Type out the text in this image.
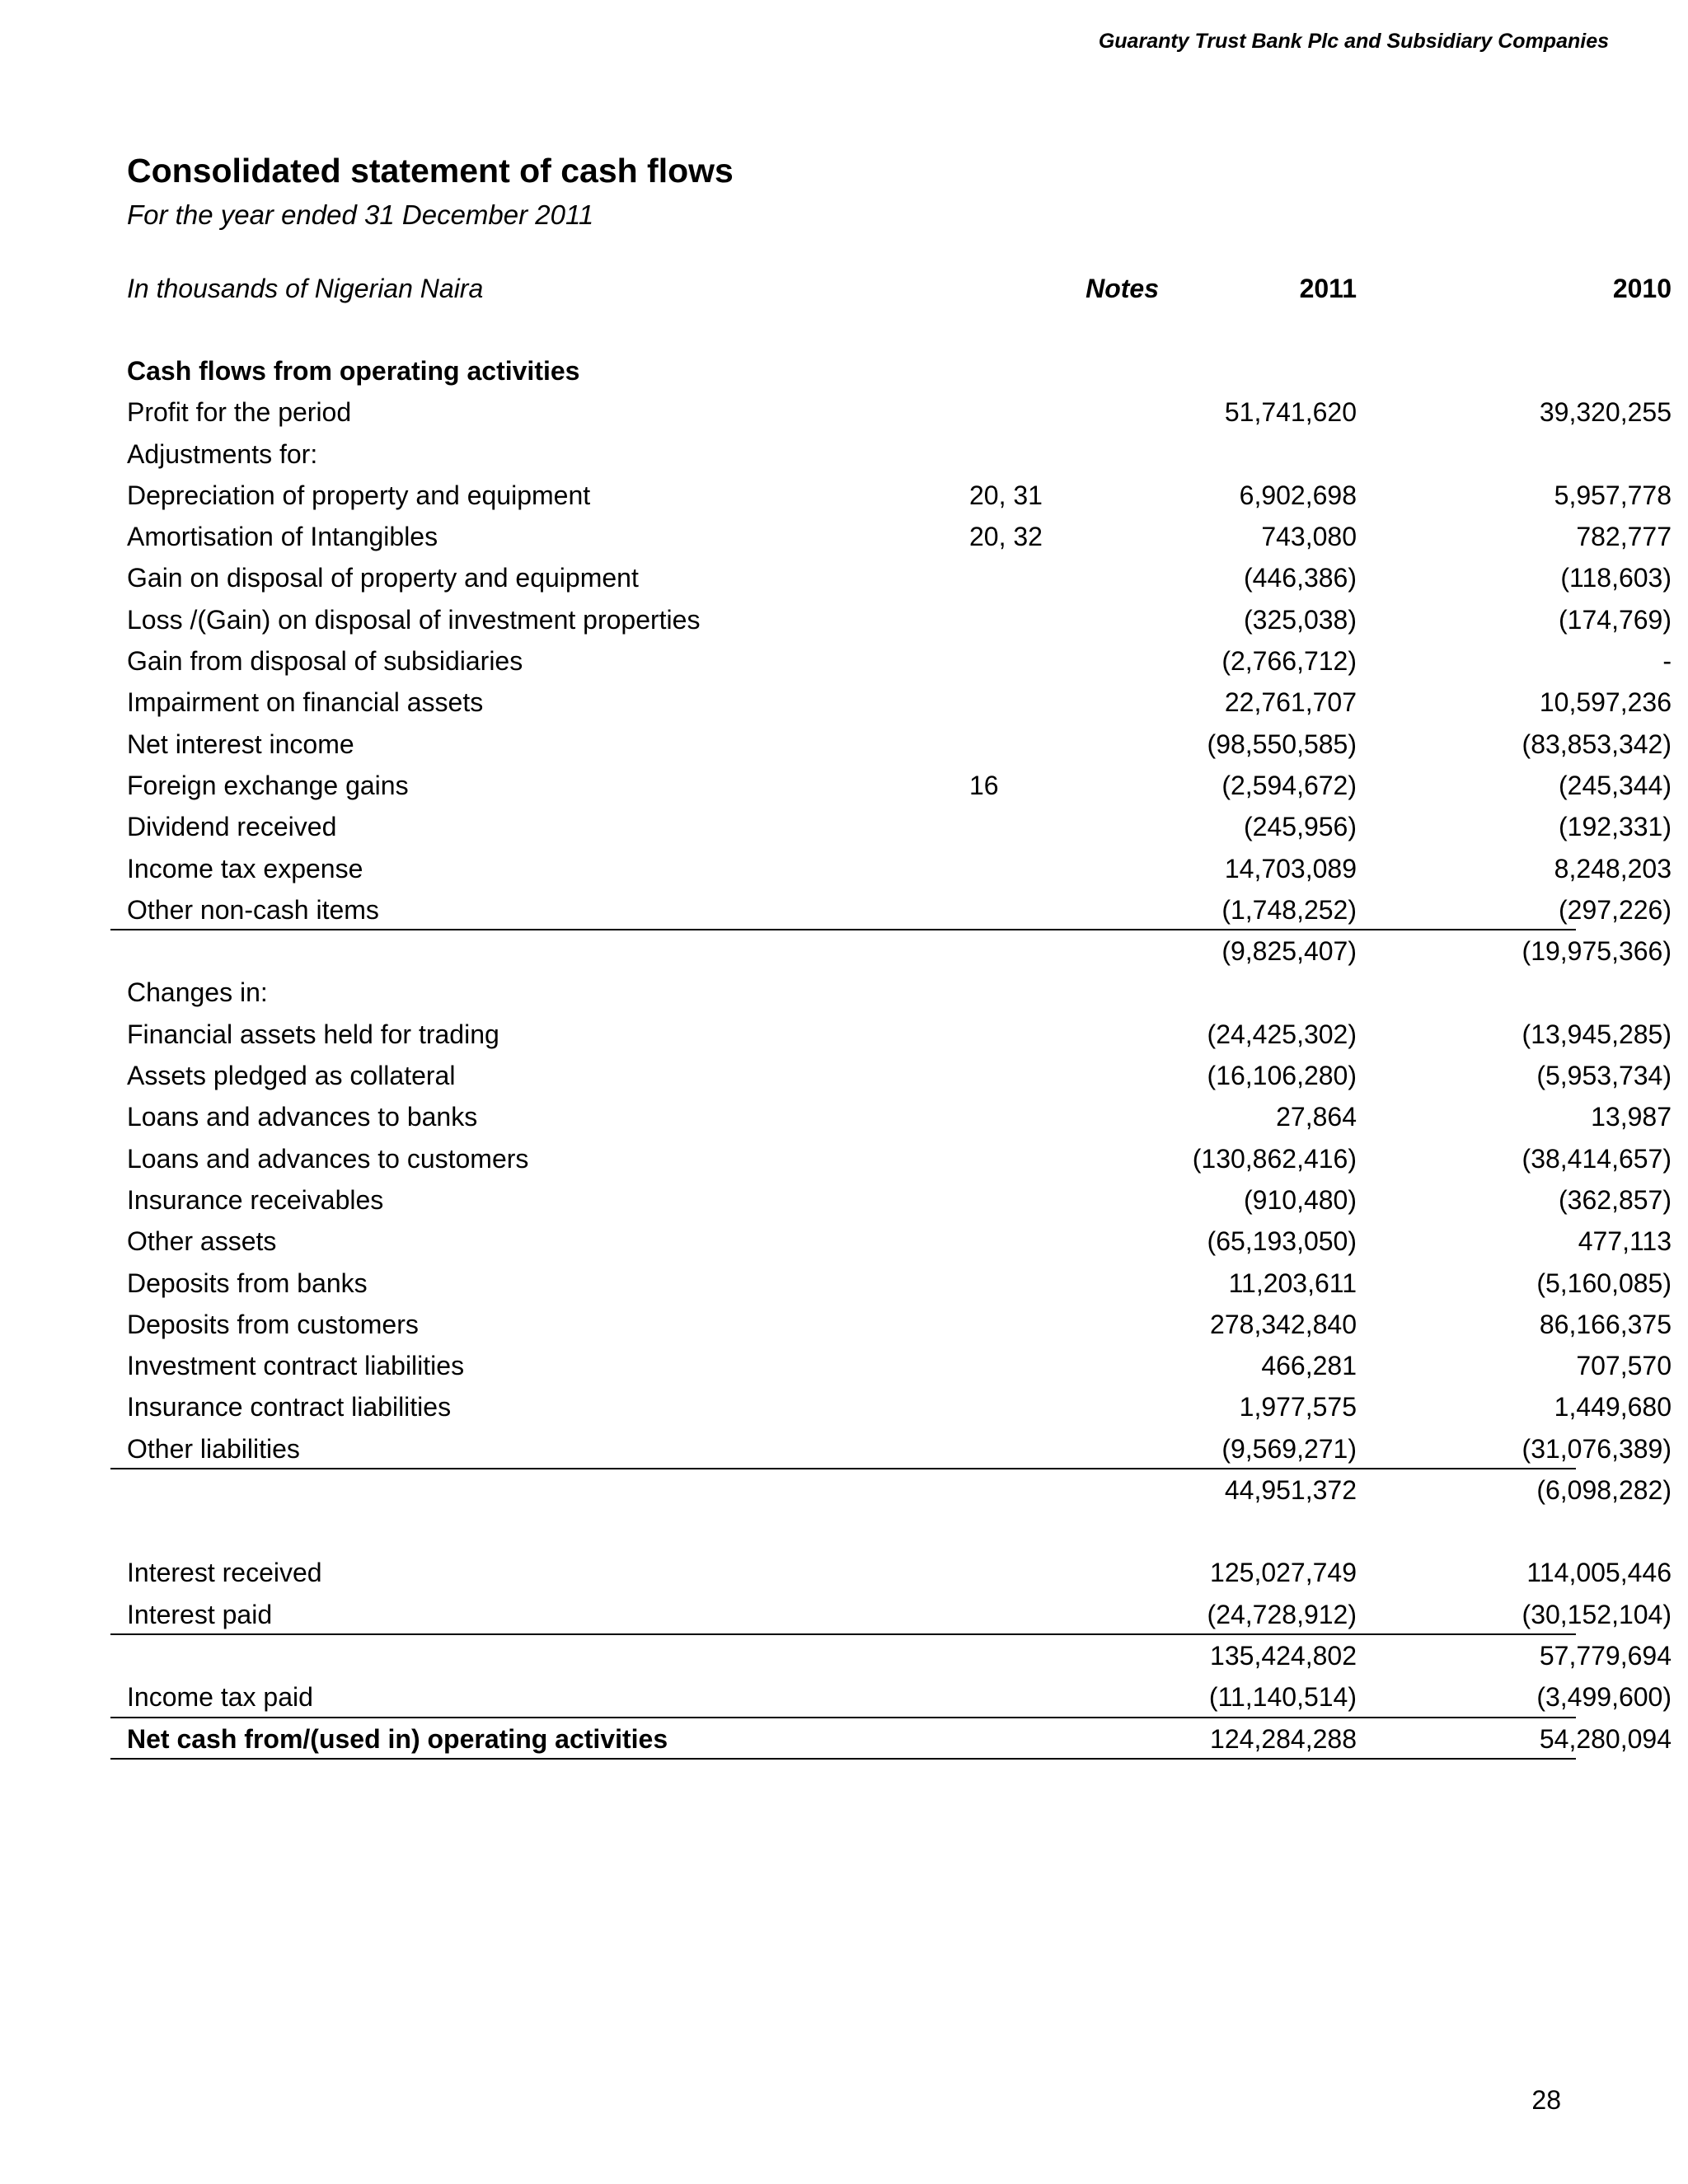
Guaranty Trust Bank Plc and Subsidiary Companies
Consolidated statement of cash flows
For the year ended 31 December 2011
In thousands of Nigerian Naira	Notes	2011	2010
Cash flows from operating activities
Profit for the period	51,741,620	39,320,255
Adjustments for:
Depreciation of property and equipment	20, 31	6,902,698	5,957,778
Amortisation of Intangibles	20, 32	743,080	782,777
Gain on disposal of property and equipment	(446,386)	(118,603)
Loss /(Gain) on disposal of investment properties	(325,038)	(174,769)
Gain from disposal of subsidiaries	(2,766,712)	-
Impairment on financial assets	22,761,707	10,597,236
Net interest income	(98,550,585)	(83,853,342)
Foreign exchange gains	16	(2,594,672)	(245,344)
Dividend received	(245,956)	(192,331)
Income tax expense	14,703,089	8,248,203
Other non-cash items	(1,748,252)	(297,226)
(9,825,407)	(19,975,366)
Changes in:
Financial assets held for trading	(24,425,302)	(13,945,285)
Assets pledged as collateral	(16,106,280)	(5,953,734)
Loans and advances to banks	27,864	13,987
Loans and advances to customers	(130,862,416)	(38,414,657)
Insurance receivables	(910,480)	(362,857)
Other assets	(65,193,050)	477,113
Deposits from banks	11,203,611	(5,160,085)
Deposits from customers	278,342,840	86,166,375
Investment contract liabilities	466,281	707,570
Insurance contract liabilities	1,977,575	1,449,680
Other liabilities	(9,569,271)	(31,076,389)
44,951,372	(6,098,282)
Interest received	125,027,749	114,005,446
Interest paid	(24,728,912)	(30,152,104)
135,424,802	57,779,694
Income tax paid	(11,140,514)	(3,499,600)
Net cash from/(used in) operating activities	124,284,288	54,280,094
28
